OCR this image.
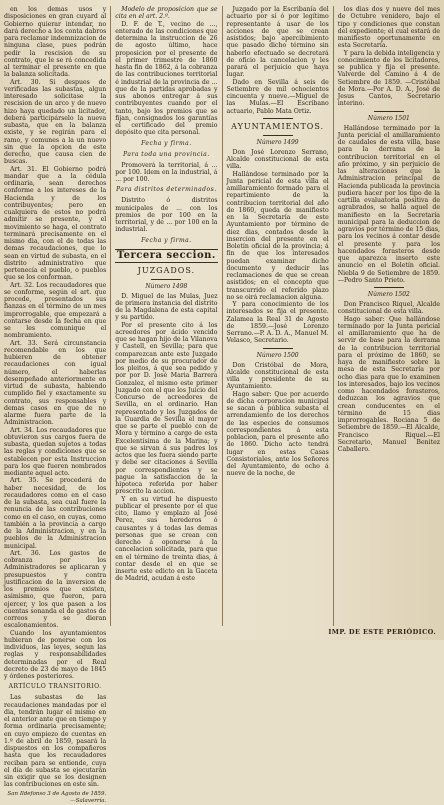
en los demas usos y disposiciones en gran cuyard al Gobierno quierar intendar, no dará derecho a los conta dabros para reclamar indemnizacion de ninguna clase, pues podrán pedir la rescision de su contrato, que le se rá concedida al terminar el presente en que la balanza solicitada.

Art. 30. Si despues de verificadas las subastas, algun interesado solicitase la rescision de un arco y de nuevo hizo haya quedado un licitador, deberá participárselo la nueva subasta, que en la balanza existe, y se regirán para el ramo, y comunes a la un nuevo sin que la opcion de este derecho, que causa cien de buscas.

Art. 31. El Gobierno podrá mandar que a la cédula ordinaria, sean derechos conforme a los intereses de la Hacienda y de los contribuyentes; pero en cualquiera de estos no podrá admitir se presente, y el movimiento se haga, el contrato terminará precisamente en el mismo dia, con el de todas las demas recaudaciones, que lo sean en virtud de subasta, en el distrito administrativo que pertenecía el pueblo, o pueblos que se los conforman.

Art. 32. Los recaudadores que se conforme, según el art. que procede, presentados sus fianzas en el término de un mes improrrogable, que empezará a contarse desde la fecha en que se les comunique el nombramiento.

Art. 33. Será circunstancia recomendable en los que hubieren de obtener recaudaciones con igual número, el haberlas desempeñado anteriormente en virtud de subasta, habiendo cumplido fiel y exactamente su contrato, sus responsables y demas casos en que de no alarme fuera parte de la Administracion.

Art. 34. Los recaudadores que obtuvieron sus cargos fuera de subasta, quedan sujetos a todas las reglas y condiciones que se establecen por esta Instruccion para los que fueren nombrados mediante aquel acto.

Art. 35. Se procederá de haber necesidad, de los recaudadores como en el caso de la subasta, sea cual fuere la renuncia de las contribuciones como en el caso, en cuyas, como también a la provincia a cargo de la Administracion, y en la pueblos de la Administracion municipal.

Art. 36. Los gastos de cobranza por los Administradores se aplicaran y presupuestos y contra justificacion de la inversion de los premios que existen, asimismo, que fueron, para ejercer, y los que pasen a los cuentas sonanda el de gastos de correos y se dieran escalonamientos.

Cuando los ayuntamientos hubieran de ponerse con los individuos, las leyes, segun las reglas y responsabilidades determinadas por el Real decreto de 23 de mayo de 1845 y órdenes posteriores.

ARTÍCULO TRANSITORIO.

Las subastas de las recaudaciones mandadas por el dia, tendrán lugar el mismo en el anterior ante que en tiempo y forma ordinaria precisamente; en cuyo empiezo de cuentas en 1.º de abril de 1859, pasará la dispuestos en los compañeros hasta que los recaudadores reciban para se entiende, cuya el día de subasta se ejecutarán sin exigir que se los designen las contribuciones en este sin.

San Ildefonso 3 de Agosto de 1859. —Salaverría.

Modelo de proposicion que se cita en el art. 2.º.

D. F. de T., vecino de ..., enterado de las condiciones que determina la instruccion de 26 de agosto último, hace proposicion por el presente de el primer trimestre de 1860 hasta fin de 1862, á la cobranza de las contribuciones territorial é industrial de la provincia de ... que de la partidas aprobadas y sus abonos entregar á sus contribuyentes cuando por el tanto, bajo los premios que se fijan, consignados los garantías el certificado del premio depósito que cita personal.

Fecha y firma.
Para toda una provincia.

Promoverá la territorial, á ... por 100. Idem en la industrial, á ... por 100.

Para distritos determinados.

Distrito ó distritos municipales de ... con los premios de por 100 en la territorial, y de ... por 100 en la industrial.

Fecha y firma.
Tercera seccion.
JUZGADOS.
Número 1498

D. Miguel de las Mulas, Juez de primera instancia del distrito de la Magdalena de esta capital y su partido.

Por el presente cito á los acreedores por ácido vencido que se hagan hijo de la Vilanova y Castell, en Sevilla; para que comparezcan ante este Juzgado por medio de su procurador de los pleitos, á que sea pedido y por por D. José Maria Barrera Gonzalez, el mismo este primer Juzgado con el que los Juicio del Concurso de acreedores de Sevilla, en el ordinario. Han representado y los Juzgados de la Guardia de Sevilla el mayor que se parte el pueblo con de Mora y término a cargo de esta Excelentísima de la Marina; y que se sirvan á sus padres los actos que les fuera siendo parte y debe ser citaciones á Sevilla por correspondientes y se pague la satisfaccion de la hipoteca referida por haber prescrito la accion.

Y en su virtud he dispuesto publicar el presente por el que cito, llamo y emplazo al José Perez, sus herederos ó causantes y á todas las demas personas que se crean con derecho á oponerse á la cancelacion solicitada, para que en el término de treinta dias, á contar desde el en que se inserte este edicto en la Gaceta de Madrid, acudan á este

Juzgado por la Escribanía del actuario por sí ó por legítimo representante á usar de los acciones de que se crean asistidos; bajo apercibimiento que pasado dicho término sin haberlo efectuado se decretará de oficio la cancelacion y les parará el perjuicio que haya lugar.

Dado en Sevilla á seis de Setiembre de mil ochocientos cincuenta y nueve.—Miguel de las Mulas.—El Escribano actuario, Pablo Mata Ortiz.

AYUNTAMIENTOS.
Número 1499

Don José Lorenzo Serrano, Alcalde constitucional de esta villa.

Hallándose terminado por la Junta pericial de esta villa el amillaramiento formado para el repartimiento de la contribucion territorial del año de 1860, queda de manifiesto en la Secretaría de este Ayuntamiento por término de diez dias, contados desde la insercion del presente en el Boletín oficial de la provincia; á fin de que los interesados puedan examinar dicho documento y deducir las reclamaciones de que se crean asistidos; en el concepto que transcurrido el referido plazo no se oirá reclamacion alguna.

Y para conocimiento de los interesados se fija el presente. Zalamea la Real 31 de Agosto de 1859.—José Lorenzo Serrano.—P. A. D. A., Manuel M. Velasco, Secretario.

Número 1500

Don Cristóbal de Mora, Alcalde constitucional de esta villa y presidente de su Ayuntamiento.

Hago saber: Que por acuerdo de dicha corporacion municipal se sacan á pública subasta el arrendamiento de los derechos de las especies de consumos correspondientes á esta poblacion, para el presente año de 1860. Dicho acto tendrá lugar en estas Casas Consistoriales, ante los Señores del Ayuntamiento, de ocho á nueve de la noche, de

los dias dos y nueve del mes de Octubre venidero, bajo el tipo y condiciones que constan del expediente; el cual estará de manifiesto oportunamente en esta Secretaría.

Y para la debida inteligencia y conocimiento de los licitadores, se publica y fija el presente. Valverde del Camino á 4 de Setiembre de 1859. —Cristóbal de Mora.—Por A. D. A., José de Jesus Cantos, Secretario interino.

Número 1501

Hallándose terminado por la Junta pericial el amillaramiento de caudales de esta villa, base para la derrama de la contribucion territorial en el año próximo, y sin perjuicio de las alteraciones que la Administracion principal de Hacienda publicada la provincia pudiera hacer por los tipo de la cartilla evaluatoria positiva de agrabrados, se halla aquel de manifiesto en la Secretaría municipal para la deduccion de agravios por término de 15 dias, para los vecinos á contar desde el presente y para los hacendados forasteros desde que aparezca inserto este anuncio en el Boletín oficial. Niebla 9 de Setiembre de 1859.—Pedro Santo Prieto.

Número 1502

Don Francisco Riquel, Alcalde constitucional de esta villa.

Hago saber: Que hallándose terminado por la Junta pericial el amillaramiento que ha de servir de base para la derrama de la contribucion territorial para el próximo de 1860, se haya de manifiesto sobre la mesa de esta Secretaría por ocho dias para que lo examinen los interesados, bajo los vecinos como hacendados forasteros, deduzcan los agravios que crean conducentes en el término de 15 dias improrrogables. Rociana 5 de Setiembre de 1859.—El Alcalde, Francisco Riquel.—El Secretario, Manuel Benitez Caballero.

IMP. DE ESTE PERIÓDICO.
